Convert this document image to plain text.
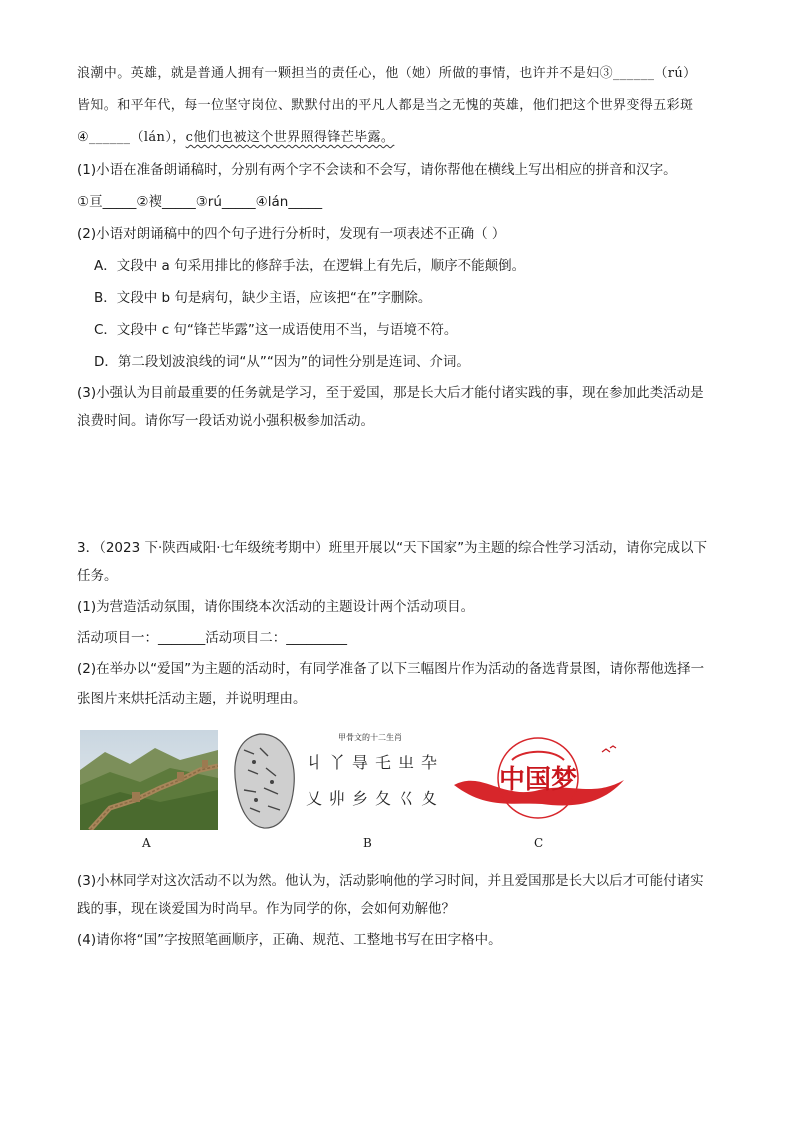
浪潮中。英雄，就是普通人拥有一颗担当的责任心，他（她）所做的事情，也许并不是妇③______（rú）
皆知。和平年代，每一位坚守岗位、默默付出的平凡人都是当之无愧的英雄，他们把这个世界变得五彩斑
④______（lán），c他们也被这个世界照得锋芒毕露。
(1)小语在准备朗诵稿时，分别有两个字不会读和不会写，请你帮他在横线上写出相应的拼音和汉字。
①亘_____②褉_____③rú_____④lán_____
(2)小语对朗诵稿中的四个句子进行分析时，发现有一项表述不正确（ ）
A．文段中 a 句采用排比的修辞手法，在逻辑上有先后，顺序不能颠倒。
B．文段中 b 句是病句，缺少主语，应该把“在”字删除。
C．文段中 c 句“锋芒毕露”这一成语使用不当，与语境不符。
D．第二段划波浪线的词“从”“因为”的词性分别是连词、介词。
(3)小强认为目前最重要的任务就是学习，至于爱国，那是长大后才能付诸实践的事，现在参加此类活动是
浪费时间。请你写一段话劝说小强积极参加活动。
3．（2023 下·陕西咸阳·七年级统考期中）班里开展以“天下国家”为主题的综合性学习活动，请你完成以下
任务。
(1)为营造活动氛围，请你围绕本次活动的主题设计两个活动项目。
活动项目一：_______活动项目二：_________
(2)在举办以“爱国”为主题的活动时，有同学准备了以下三幅图片作为活动的备选背景图，请你帮他选择一
张图片来烘托活动主题，并说明理由。
甲骨文的十二生肖
丩 丫 㝵 乇 㞢 卆
乂 丱 乡 夂 巜 夊
中国梦
A	B	C
(3)小林同学对这次活动不以为然。他认为，活动影响他的学习时间，并且爱国那是长大以后才可能付诸实
践的事，现在谈爱国为时尚早。作为同学的你，会如何劝解他？
(4)请你将“国”字按照笔画顺序，正确、规范、工整地书写在田字格中。
